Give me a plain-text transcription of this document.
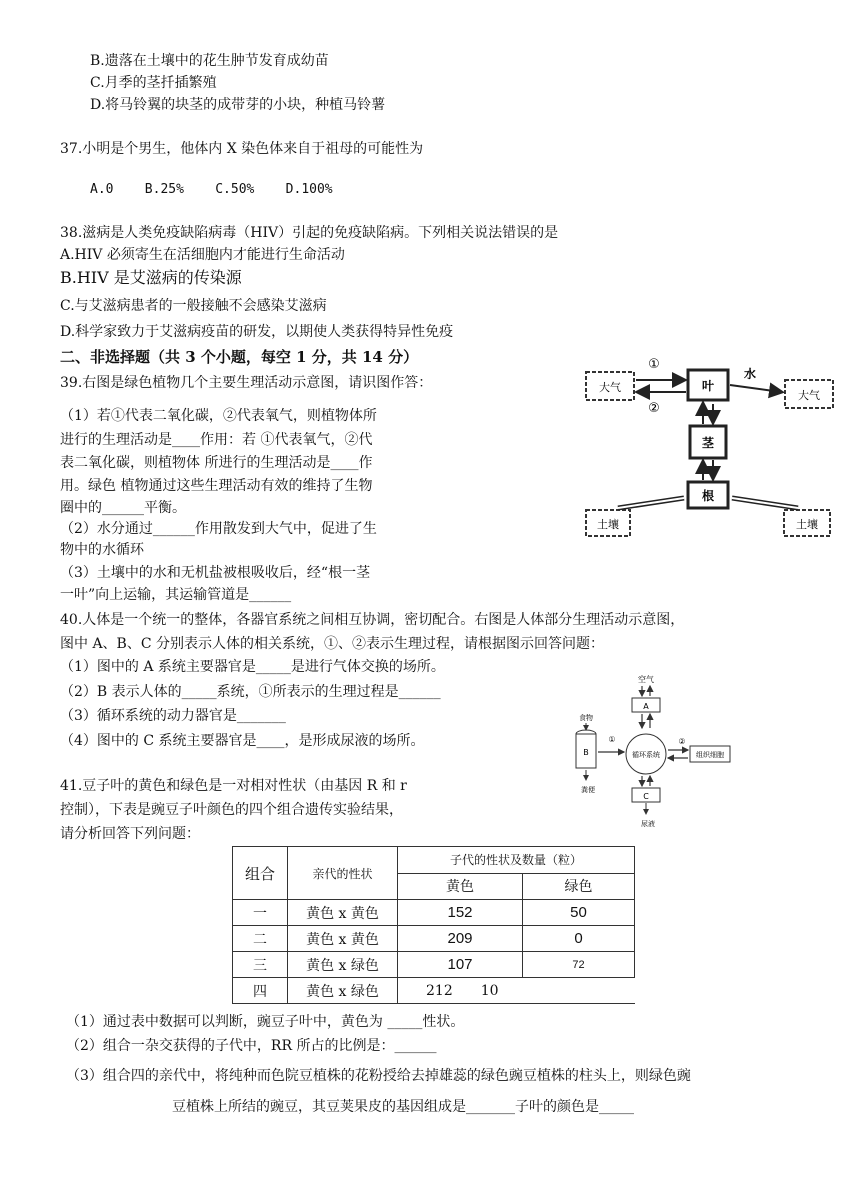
B.遗落在土壤中的花生肿节发育成幼苗
C.月季的茎扦插繁殖
D.将马铃翼的块茎的成带芽的小块，种植马铃薯
37.小明是个男生，他体内 X 染色体来自于祖母的可能性为
A.0    B.25%    C.50%    D.100%
38.滋病是人类免疫缺陷病毒（HIV）引起的免疫缺陷病。下列相关说法错误的是
A.HIV 必须寄生在活细胞内才能进行生命活动
B.HIV 是艾滋病的传染源
C.与艾滋病患者的一般接触不会感染艾滋病
D.科学家致力于艾滋病疫苗的研发，以期使人类获得特异性免疫
二、非选择题（共 3 个小题，每空 1 分，共 14 分）
39.右图是绿色植物几个主要生理活动示意图，请识图作答：
（1）若①代表二氧化碳，②代表氧气，则植物体所
进行的生理活动是____作用：若 ①代表氧气，②代
表二氧化碳，则植物体 所进行的生理活动是____作
用。绿色 植物通过这些生理活动有效的维持了生物
圈中的______平衡。
（2）水分通过______作用散发到大气中，促进了生
物中的水循环
（3）土壤中的水和无机盐被根吸收后，经“根一茎
一叶”向上运输，其运输管道是______
大气	叶
大气
茎
根
土壤	土壤
①
②
水
40.人体是一个统一的整体，各器官系统之间相互协调，密切配合。右图是人体部分生理活动示意图，
图中 A、B、C 分别表示人体的相关系统，①、②表示生理过程，请根据图示回答问题：
（1）图中的 A 系统主要器官是_____是进行气体交换的场所。
（2）B 表示人体的_____系统，①所表示的生理过程是______
（3）循环系统的动力器官是_______
（4）图中的 C 系统主要器官是____，是形成尿液的场所。
空气
A
食物
B
粪便
①
循环系统
②
组织细胞
C
尿液
41.豆子叶的黄色和绿色是一对相对性状（由基因 R 和 r
控制），下表是豌豆子叶颜色的四个组合遗传实验结果，
请分析回答下列问题：
组合	亲代的性状	子代的性状及数量（粒）	
		黄色	绿色
一	黄色 x 黄色	152	50
二	黄色 x 黄色	209	0
三	黄色 x 绿色	107	72
四	黄色 x 绿色	212 10	
（1）通过表中数据可以判断，豌豆子叶中，黄色为 _____性状。
（2）组合一杂交获得的子代中，RR 所占的比例是：______
（3）组合四的亲代中，将纯种而色院豆植株的花粉授给去掉雄蕊的绿色豌豆植株的柱头上，则绿色豌
豆植株上所结的豌豆，其豆荚果皮的基因组成是_______子叶的颜色是_____
